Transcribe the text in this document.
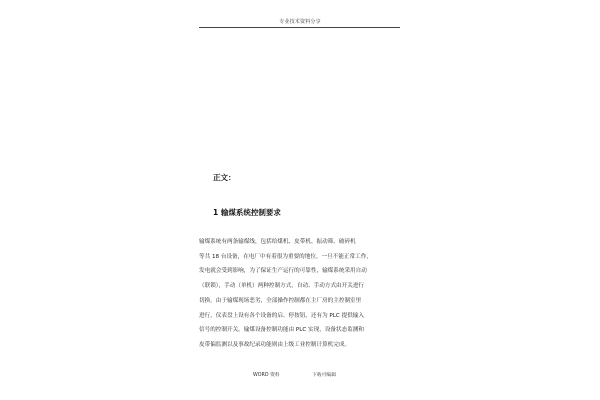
专业技术资料分享
正文：
1 输煤系统控制要求
输煤系统有两条输煤线，包括给煤机、皮带机、振动筛、破碎机
等共 18 台设备，在电厂中有着很为重要的地位，一旦不能正常工作，
发电就会受到影响，为了保证生产运行的可靠性，输煤系统采用自动
（联锁），手动（单机）两种控制方式，自动、手动方式由开关进行
切换。由于输煤现场恶劣，全部操作控制都在主厂房的主控制室里
进行，仪表盘上设有各个设备的启、停按钮，还有为 PLC 提供输入
信号的控制开关。输煤设备控制功能由 PLC 实现，设备状态监测和
皮带偏监测以及事故纪录功能则由上级工业控制计算机完成。
WORD 资料	下载可编辑
